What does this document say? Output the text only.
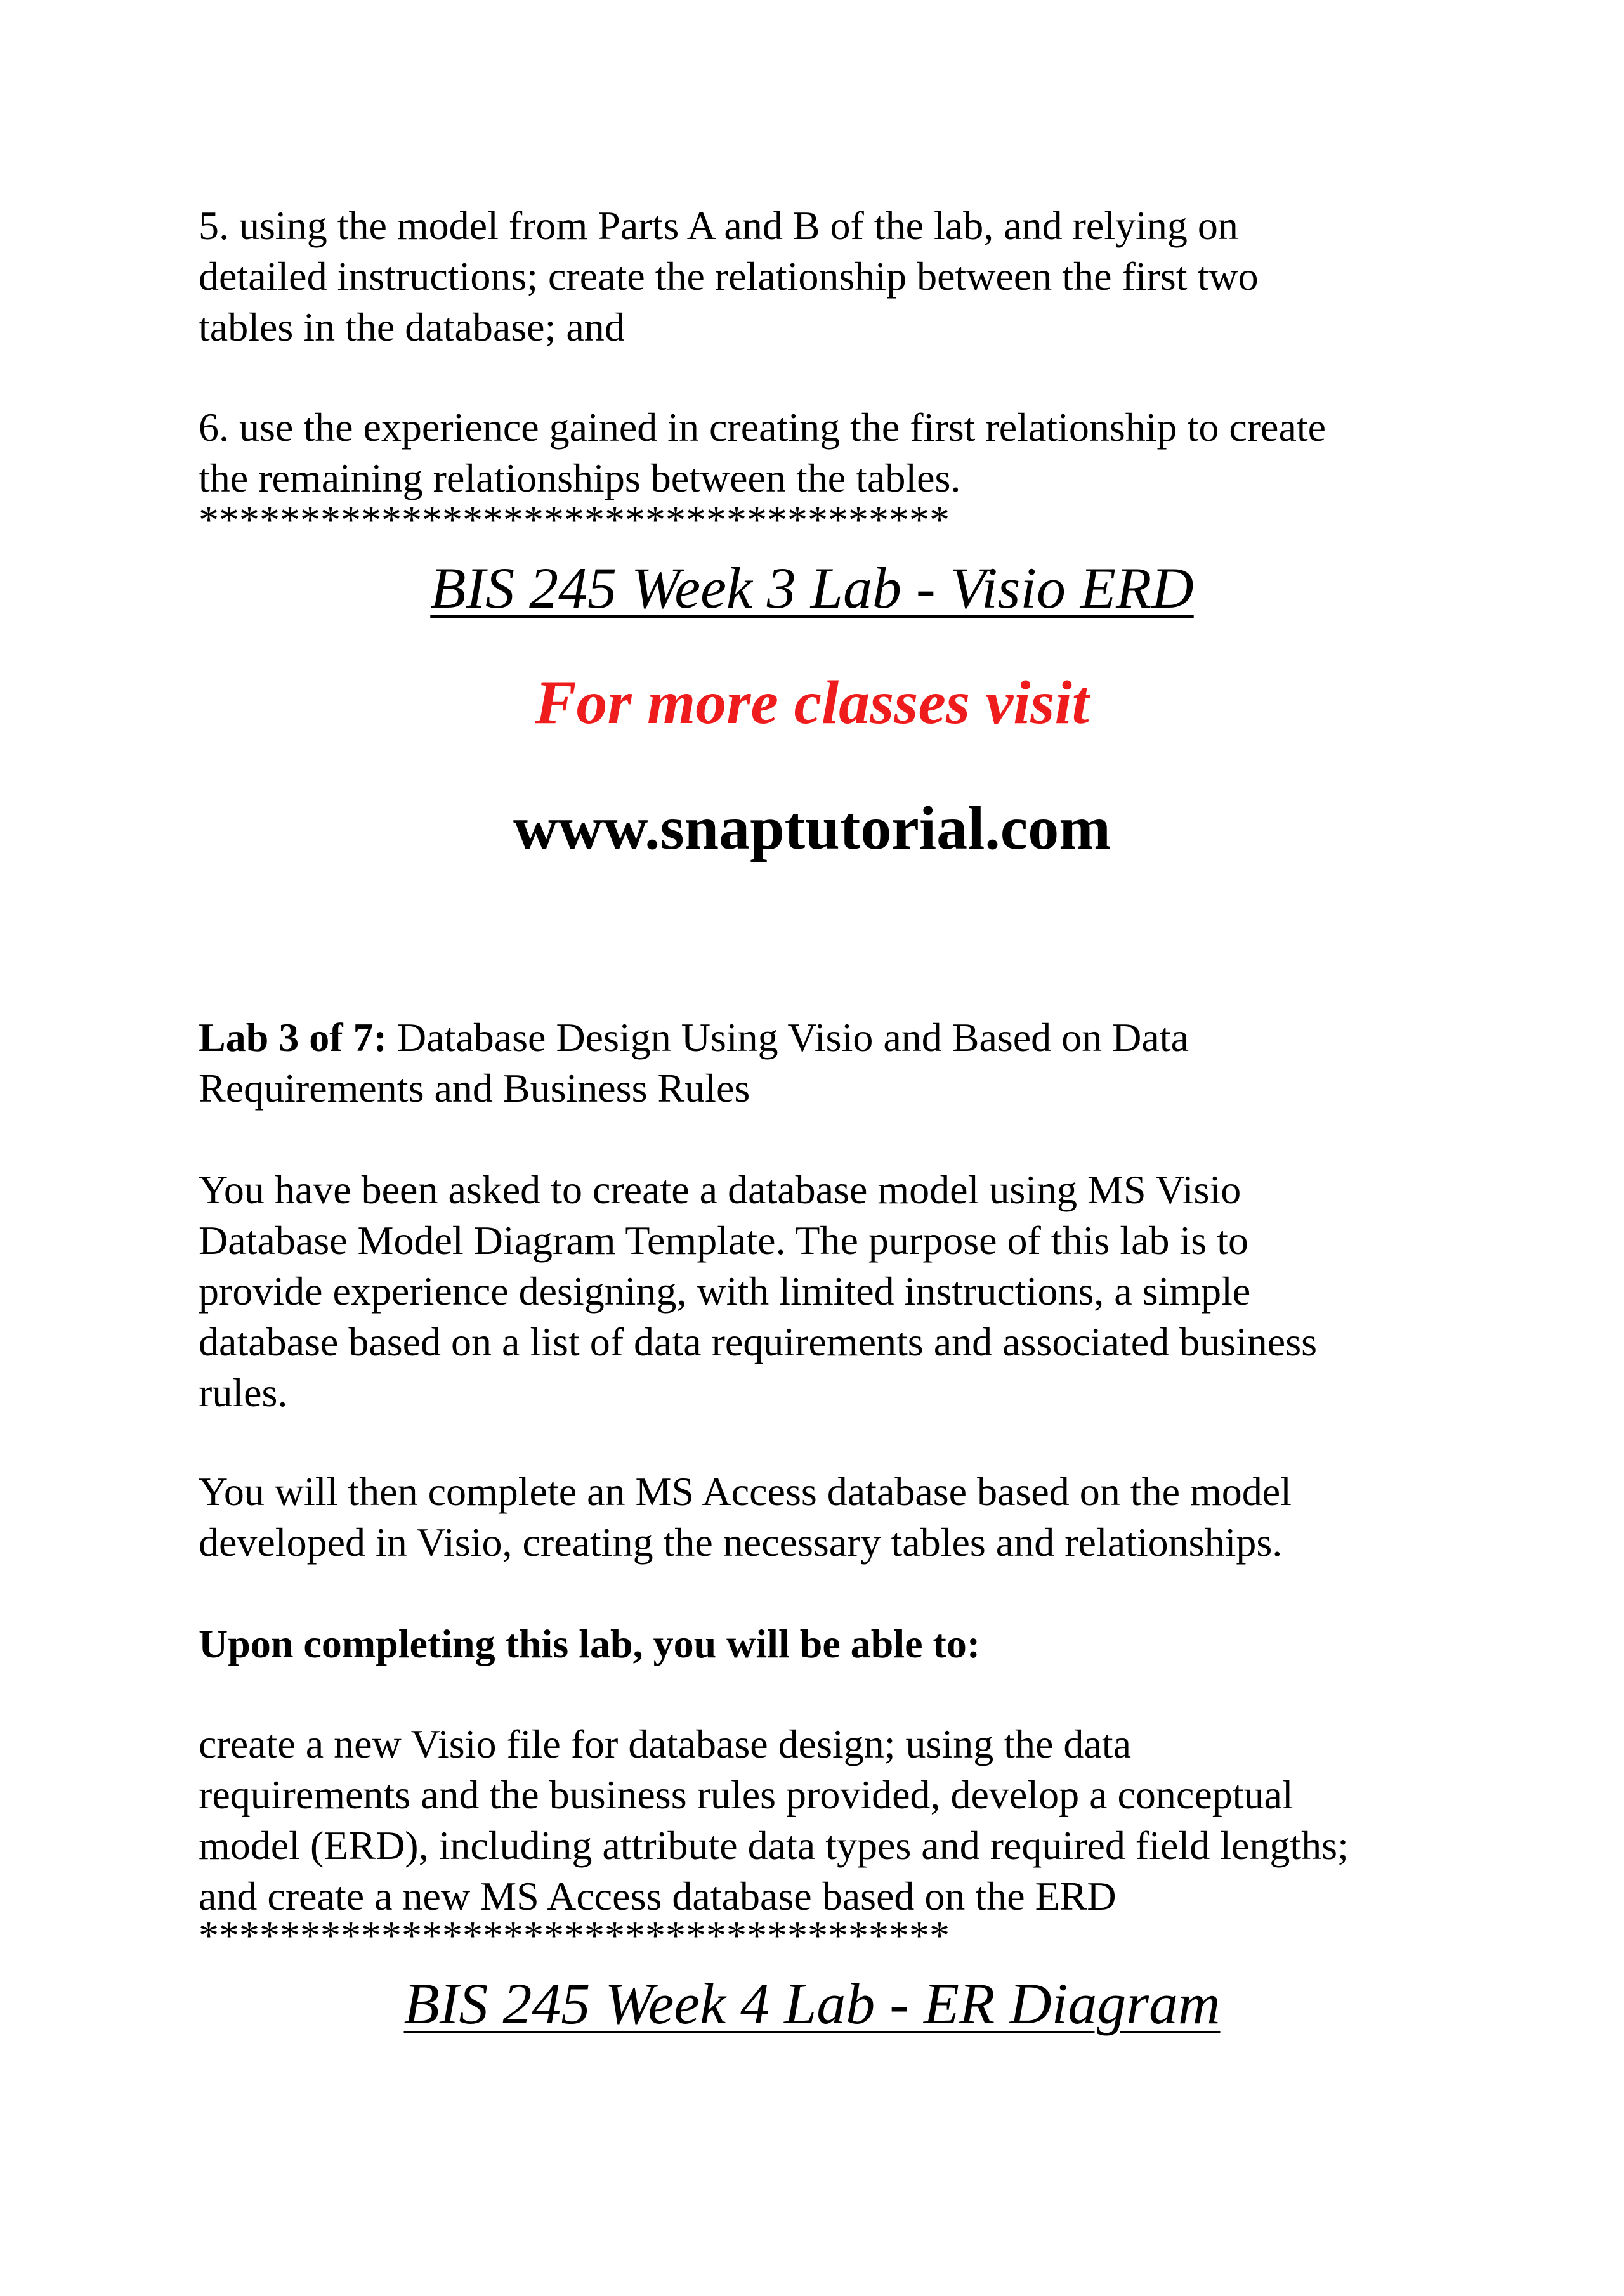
5. using the model from Parts A and B of the lab, and relying on
detailed instructions; create the relationship between the first two
tables in the database; and

6. use the experience gained in creating the first relationship to create
the remaining relationships between the tables.

*************************************

BIS 245 Week 3 Lab - Visio ERD

For more classes visit

www.snaptutorial.com

Lab 3 of 7: Database Design Using Visio and Based on Data
Requirements and Business Rules

You have been asked to create a database model using MS Visio
Database Model Diagram Template. The purpose of this lab is to
provide experience designing, with limited instructions, a simple
database based on a list of data requirements and associated business
rules.

You will then complete an MS Access database based on the model
developed in Visio, creating the necessary tables and relationships.

Upon completing this lab, you will be able to:

create a new Visio file for database design; using the data
requirements and the business rules provided, develop a conceptual
model (ERD), including attribute data types and required field lengths;
and create a new MS Access database based on the ERD

*************************************

BIS 245 Week 4 Lab - ER Diagram
